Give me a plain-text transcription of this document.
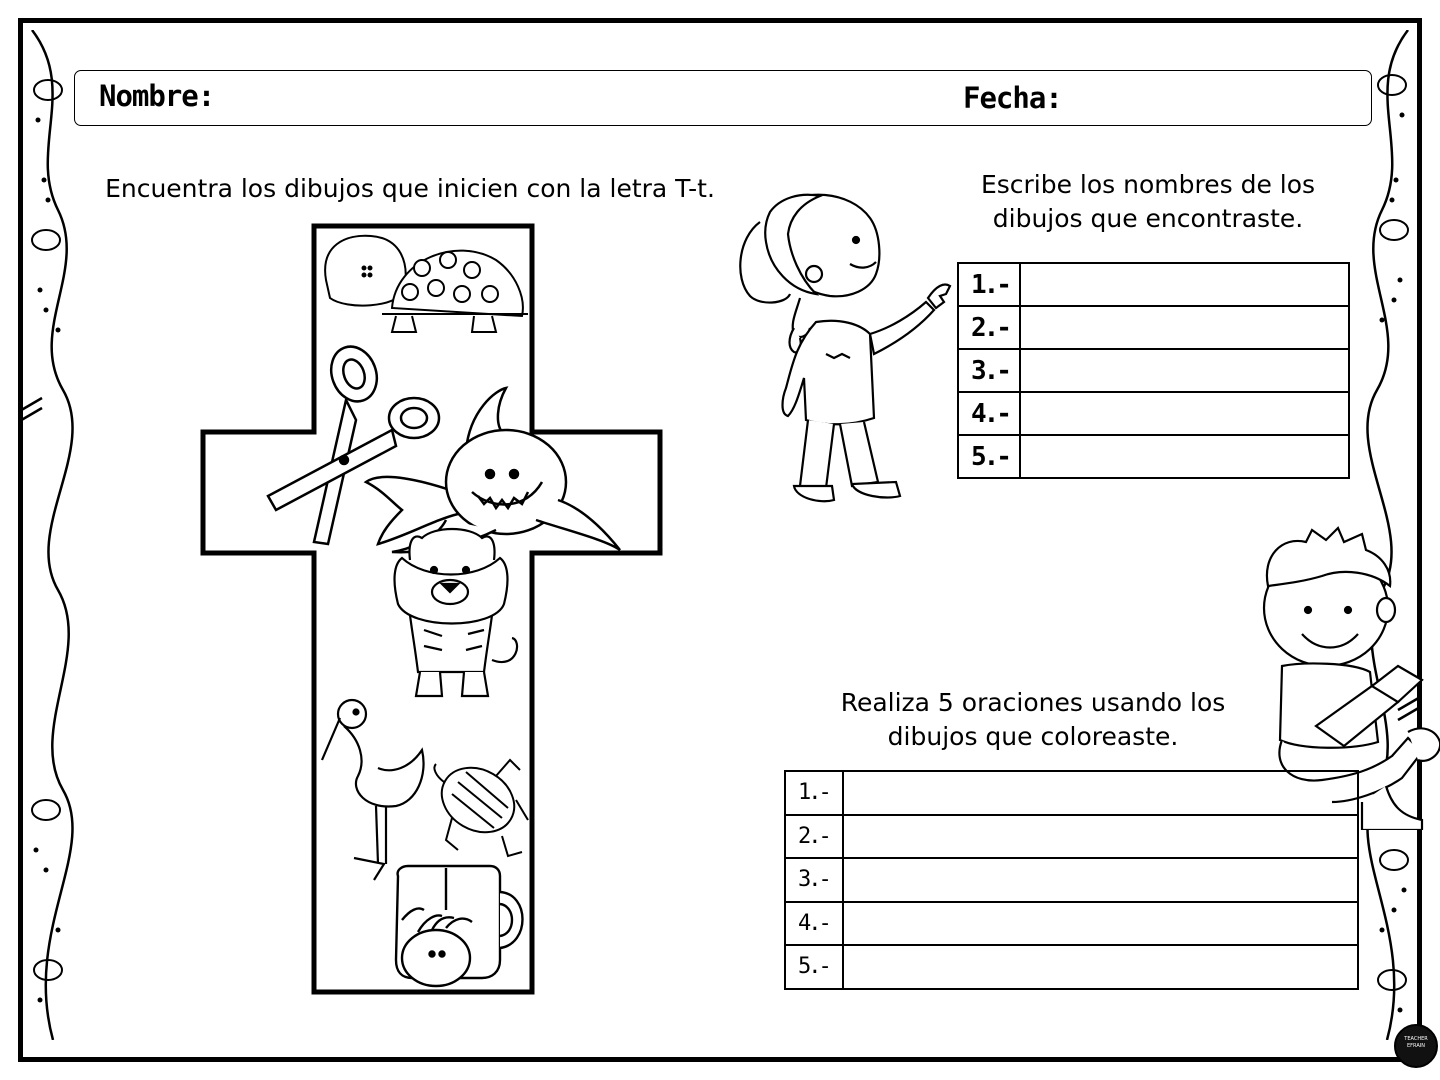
Nombre:	Fecha:
Encuentra los dibujos que inicien con la letra T-t.	Escribe los nombres de los dibujos que encontraste.
Realiza 5 oraciones usando los dibujos que coloreaste.
1.-	
2.-	
3.-	
4.-	
5.-	
1.-	
2.-	
3.-	
4.-	
5.-	
TEACHER
EFRAIN
